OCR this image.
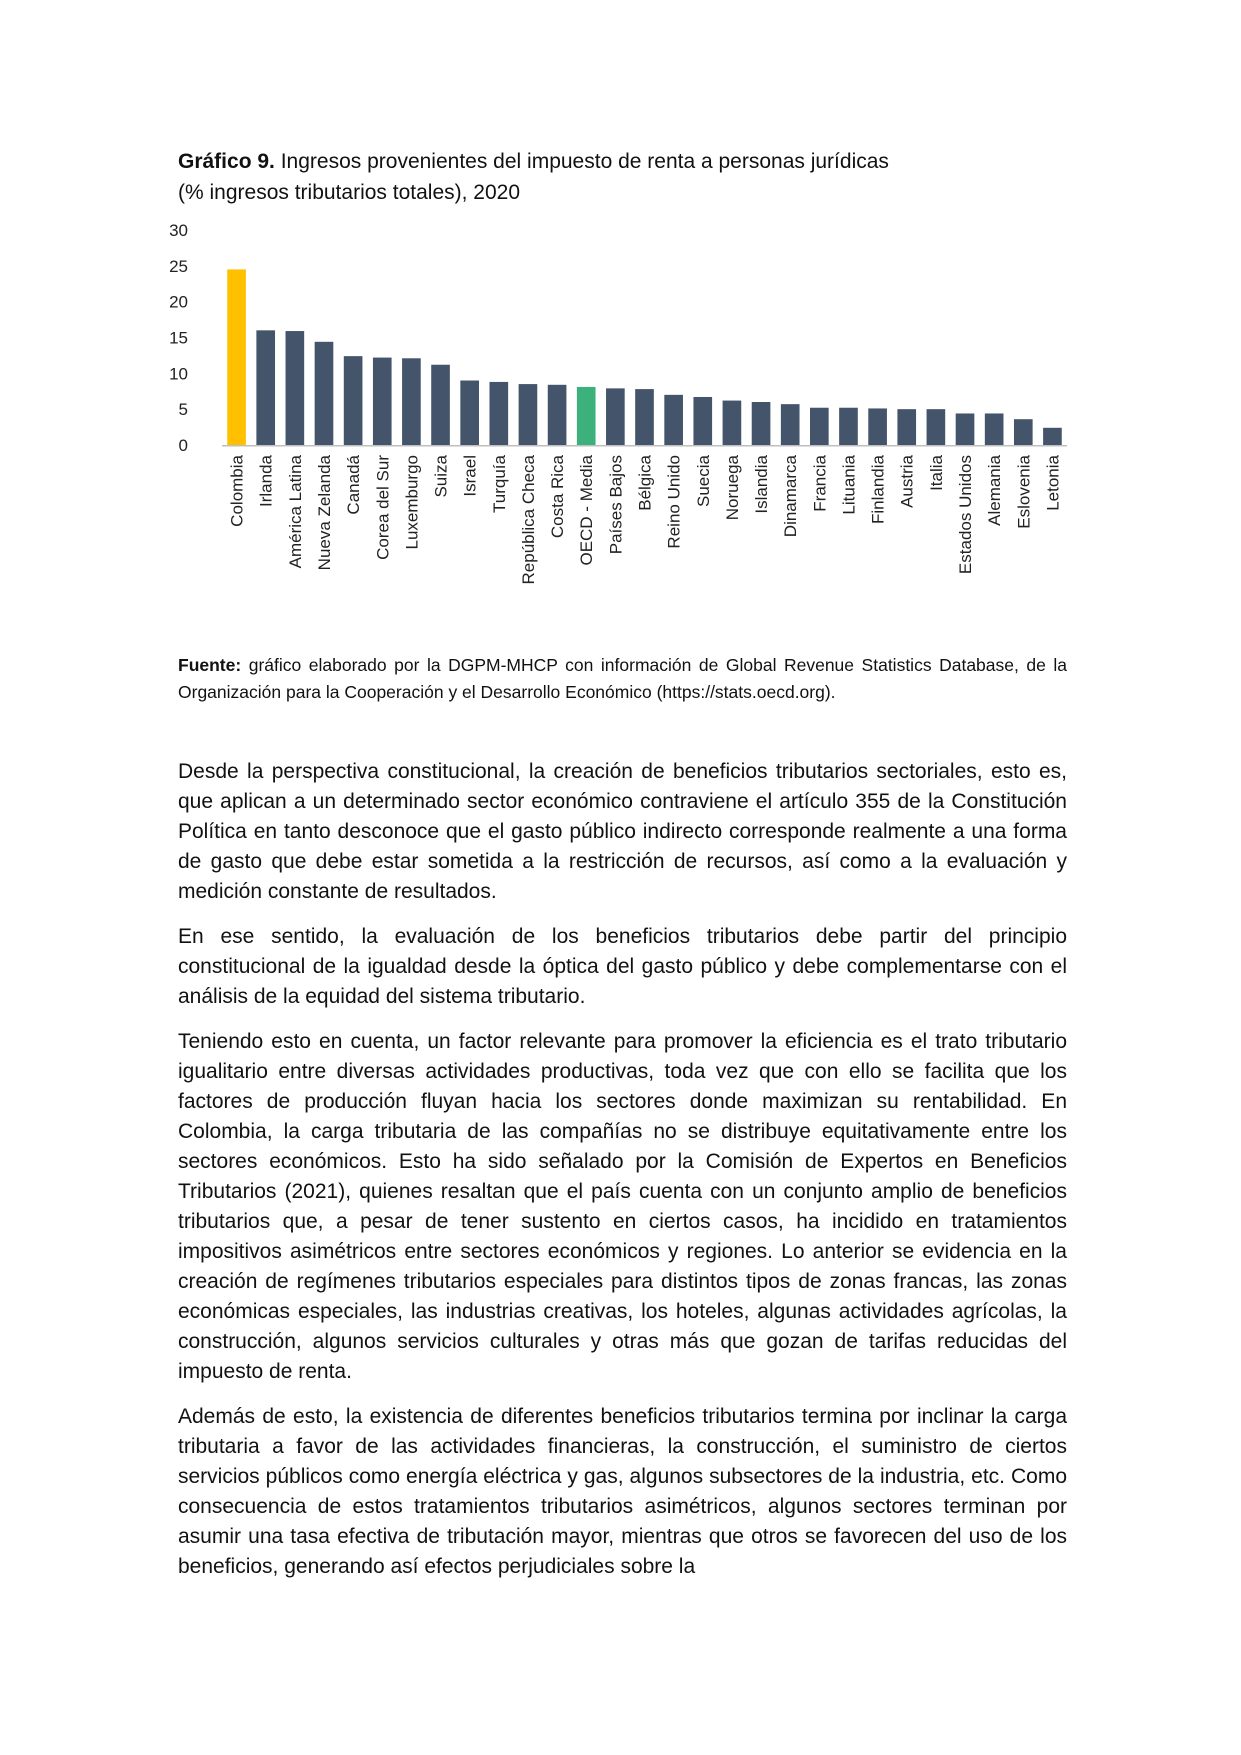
Gráfico 9. Ingresos provenientes del impuesto de renta a personas jurídicas
(% ingresos tributarios totales), 2020
0
5
10
15
20
25
30
Colombia Irlanda América Latina Nueva Zelanda Canadá Corea del Sur Luxemburgo Suiza Israel Turquía República Checa Costa Rica OECD - Media Países Bajos Bélgica Reino Unido Suecia Noruega Islandia Dinamarca Francia Lituania Finlandia Austria Italia Estados Unidos Alemania Eslovenia Letonia
Fuente: gráfico elaborado por la DGPM-MHCP con información de Global Revenue Statistics Database, de la Organización para la Cooperación y el Desarrollo Económico (https://stats.oecd.org).

Desde la perspectiva constitucional, la creación de beneficios tributarios sectoriales, esto es, que aplican a un determinado sector económico contraviene el artículo 355 de la Constitución Política en tanto desconoce que el gasto público indirecto corresponde realmente a una forma de gasto que debe estar sometida a la restricción de recursos, así como a la evaluación y medición constante de resultados.

En ese sentido, la evaluación de los beneficios tributarios debe partir del principio constitucional de la igualdad desde la óptica del gasto público y debe complementarse con el análisis de la equidad del sistema tributario.

Teniendo esto en cuenta, un factor relevante para promover la eficiencia es el trato tributario igualitario entre diversas actividades productivas, toda vez que con ello se facilita que los factores de producción fluyan hacia los sectores donde maximizan su rentabilidad. En Colombia, la carga tributaria de las compañías no se distribuye equitativamente entre los sectores económicos. Esto ha sido señalado por la Comisión de Expertos en Beneficios Tributarios (2021), quienes resaltan que el país cuenta con un conjunto amplio de beneficios tributarios que, a pesar de tener sustento en ciertos casos, ha incidido en tratamientos impositivos asimétricos entre sectores económicos y regiones. Lo anterior se evidencia en la creación de regímenes tributarios especiales para distintos tipos de zonas francas, las zonas económicas especiales, las industrias creativas, los hoteles, algunas actividades agrícolas, la construcción, algunos servicios culturales y otras más que gozan de tarifas reducidas del impuesto de renta.

Además de esto, la existencia de diferentes beneficios tributarios termina por inclinar la carga tributaria a favor de las actividades financieras, la construcción, el suministro de ciertos servicios públicos como energía eléctrica y gas, algunos subsectores de la industria, etc. Como consecuencia de estos tratamientos tributarios asimétricos, algunos sectores terminan por asumir una tasa efectiva de tributación mayor, mientras que otros se favorecen del uso de los beneficios, generando así efectos perjudiciales sobre la
